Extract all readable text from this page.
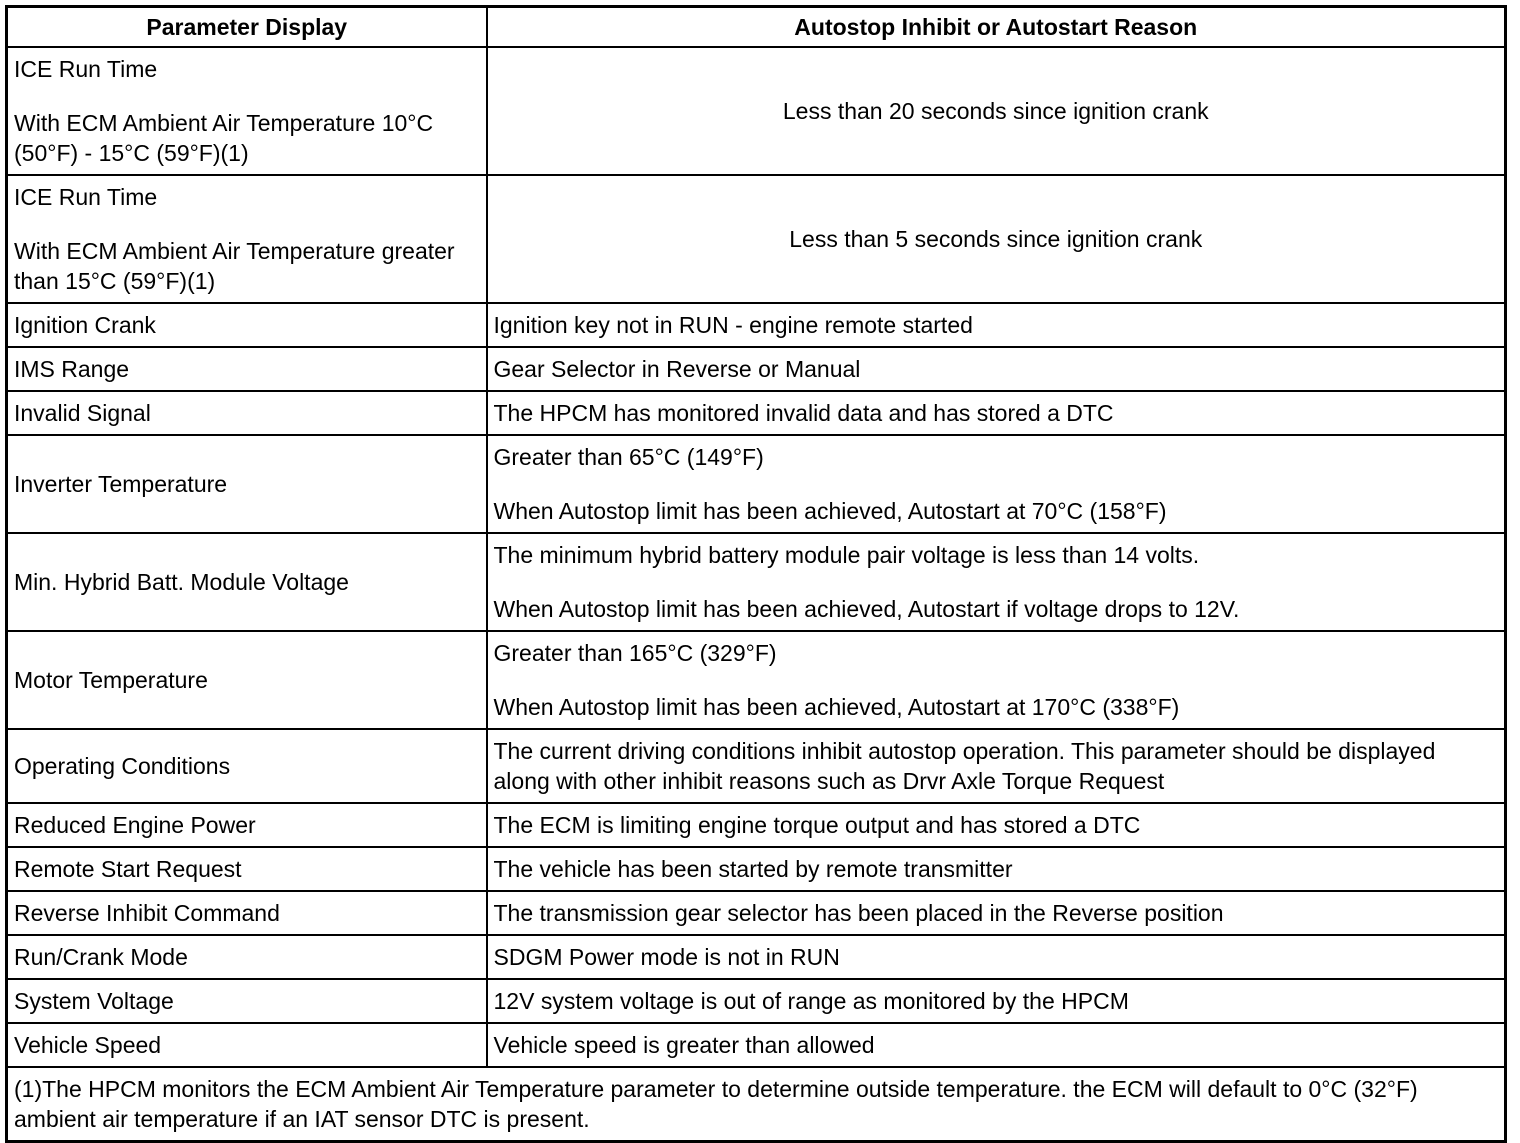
Parameter Display	Autostop Inhibit or Autostart Reason

ICE Run Time

With ECM Ambient Air Temperature 10°C (50°F) - 15°C (59°F)(1)	Less than 20 seconds since ignition crank

ICE Run Time

With ECM Ambient Air Temperature greater than 15°C (59°F)(1)	Less than 5 seconds since ignition crank

Ignition Crank	Ignition key not in RUN - engine remote started
IMS Range	Gear Selector in Reverse or Manual
Invalid Signal	The HPCM has monitored invalid data and has stored a DTC
Inverter Temperature	Greater than 65°C (149°F)

When Autostop limit has been achieved, Autostart at 70°C (158°F)

Min. Hybrid Batt. Module Voltage	The minimum hybrid battery module pair voltage is less than 14 volts.

When Autostop limit has been achieved, Autostart if voltage drops to 12V.

Motor Temperature	Greater than 165°C (329°F)

When Autostop limit has been achieved, Autostart at 170°C (338°F)

Operating Conditions	The current driving conditions inhibit autostop operation. This parameter should be displayed along with other inhibit reasons such as Drvr Axle Torque Request
Reduced Engine Power	The ECM is limiting engine torque output and has stored a DTC
Remote Start Request	The vehicle has been started by remote transmitter
Reverse Inhibit Command	The transmission gear selector has been placed in the Reverse position
Run/Crank Mode	SDGM Power mode is not in RUN
System Voltage	12V system voltage is out of range as monitored by the HPCM
Vehicle Speed	Vehicle speed is greater than allowed
(1)The HPCM monitors the ECM Ambient Air Temperature parameter to determine outside temperature. the ECM will default to 0°C (32°F) ambient air temperature if an IAT sensor DTC is present.	
